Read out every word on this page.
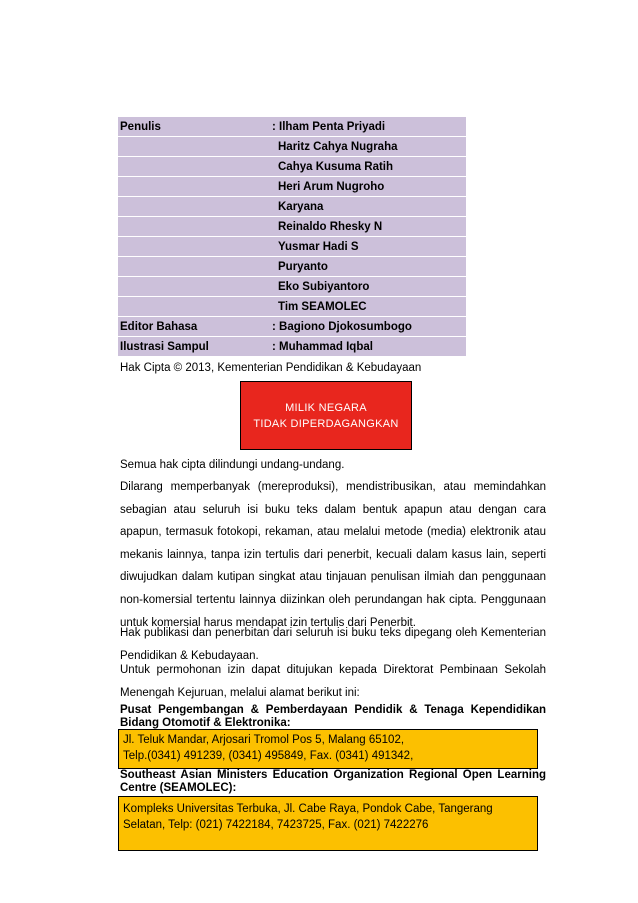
Penulis	: Ilham Penta Priyadi
	Haritz Cahya Nugraha
	Cahya Kusuma Ratih
	Heri Arum Nugroho
	Karyana
	Reinaldo Rhesky N
	Yusmar Hadi S
	Puryanto
	Eko Subiyantoro
	Tim SEAMOLEC
Editor Bahasa	: Bagiono Djokosumbogo
Ilustrasi Sampul	: Muhammad Iqbal
Hak Cipta © 2013, Kementerian Pendidikan & Kebudayaan
MILIK NEGARA
TIDAK DIPERDAGANGKAN

Semua hak cipta dilindungi undang-undang.

Dilarang memperbanyak (mereproduksi), mendistribusikan, atau memindahkan sebagian atau seluruh isi buku teks dalam bentuk apapun atau dengan cara apapun, termasuk fotokopi, rekaman, atau melalui metode (media) elektronik atau mekanis lainnya, tanpa izin tertulis dari penerbit, kecuali dalam kasus lain, seperti diwujudkan dalam kutipan singkat atau tinjauan penulisan ilmiah dan penggunaan non-komersial tertentu lainnya diizinkan oleh perundangan hak cipta. Penggunaan untuk komersial harus mendapat izin tertulis dari Penerbit.

Hak publikasi dan penerbitan dari seluruh isi buku teks dipegang oleh Kementerian Pendidikan & Kebudayaan.

Untuk permohonan izin dapat ditujukan kepada Direktorat Pembinaan Sekolah Menengah Kejuruan, melalui alamat berikut ini:

Pusat Pengembangan & Pemberdayaan Pendidik & Tenaga Kependidikan Bidang Otomotif & Elektronika:

Jl. Teluk Mandar, Arjosari Tromol Pos 5, Malang 65102,
Telp.(0341) 491239, (0341) 495849, Fax. (0341) 491342,

Southeast Asian Ministers Education Organization Regional Open Learning Centre (SEAMOLEC):

Kompleks Universitas Terbuka, Jl. Cabe Raya, Pondok Cabe, Tangerang
Selatan, Telp: (021) 7422184, 7423725, Fax. (021) 7422276
